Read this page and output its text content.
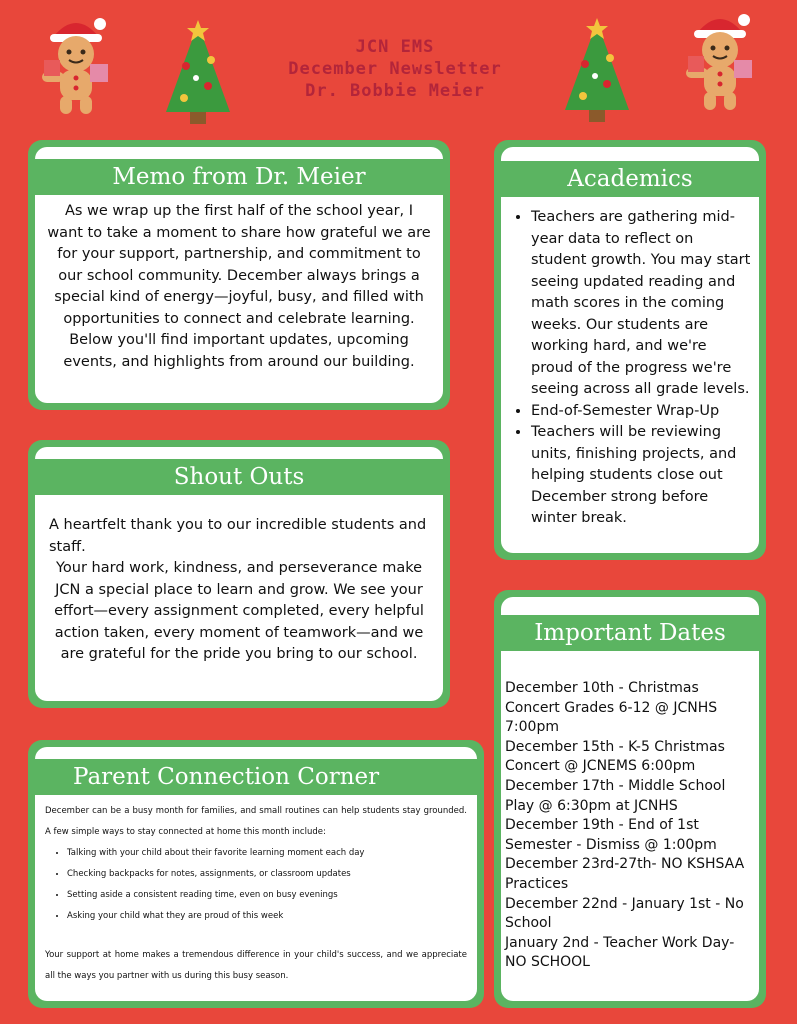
JCN EMS
December Newsletter
Dr. Bobbie Meier
Memo from Dr. Meier
As we wrap up the first half of the school year, I want to take a moment to share how grateful we are for your support, partnership, and commitment to our school community. December always brings a special kind of energy—joyful, busy, and filled with opportunities to connect and celebrate learning. Below you'll find important updates, upcoming events, and highlights from around our building.
Shout Outs
A heartfelt thank you to our incredible students and staff.
Your hard work, kindness, and perseverance make JCN a special place to learn and grow. We see your effort—every assignment completed, every helpful action taken, every moment of teamwork—and we are grateful for the pride you bring to our school.
Parent Connection Corner
December can be a busy month for families, and small routines can help students stay grounded. A few simple ways to stay connected at home this month include:
• Talking with your child about their favorite learning moment each day
• Checking backpacks for notes, assignments, or classroom updates
• Setting aside a consistent reading time, even on busy evenings
• Asking your child what they are proud of this week
Your support at home makes a tremendous difference in your child's success, and we appreciate all the ways you partner with us during this busy season.
Academics
• Teachers are gathering mid-year data to reflect on student growth. You may start seeing updated reading and math scores in the coming weeks. Our students are working hard, and we're proud of the progress we're seeing across all grade levels.
• End-of-Semester Wrap-Up
• Teachers will be reviewing units, finishing projects, and helping students close out December strong before winter break.
Important Dates

December 10th - Christmas Concert Grades 6-12 @ JCNHS 7:00pm

December 15th - K-5 Christmas Concert @ JCNEMS 6:00pm

December 17th - Middle School Play @ 6:30pm at JCNHS

December 19th - End of 1st Semester - Dismiss @ 1:00pm

December 23rd-27th- NO KSHSAA Practices

December 22nd - January 1st - No School

January 2nd - Teacher Work Day- NO SCHOOL
